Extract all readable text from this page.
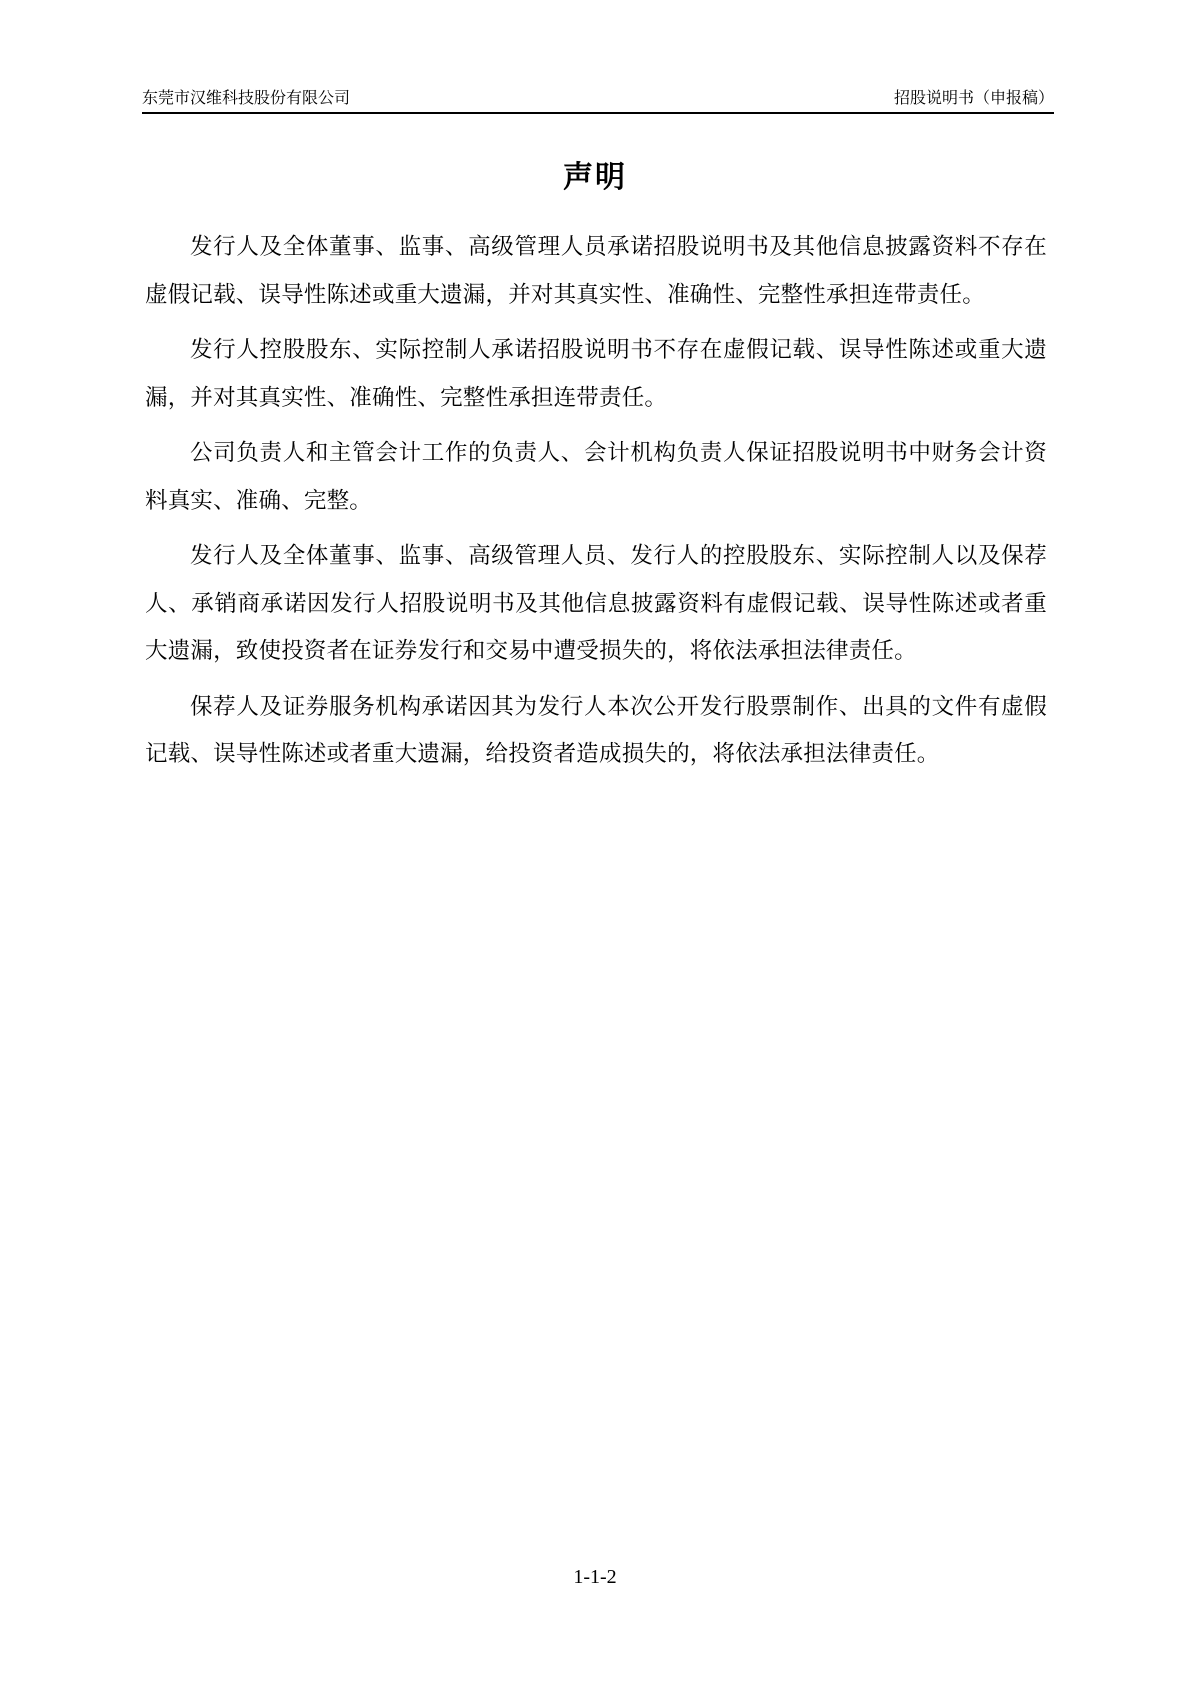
东莞市汉维科技股份有限公司	招股说明书（申报稿）
声明

发行人及全体董事、监事、高级管理人员承诺招股说明书及其他信息披露资料不存在虚假记载、误导性陈述或重大遗漏，并对其真实性、准确性、完整性承担连带责任。

发行人控股股东、实际控制人承诺招股说明书不存在虚假记载、误导性陈述或重大遗漏，并对其真实性、准确性、完整性承担连带责任。

公司负责人和主管会计工作的负责人、会计机构负责人保证招股说明书中财务会计资料真实、准确、完整。

发行人及全体董事、监事、高级管理人员、发行人的控股股东、实际控制人以及保荐人、承销商承诺因发行人招股说明书及其他信息披露资料有虚假记载、误导性陈述或者重大遗漏，致使投资者在证券发行和交易中遭受损失的，将依法承担法律责任。

保荐人及证券服务机构承诺因其为发行人本次公开发行股票制作、出具的文件有虚假记载、误导性陈述或者重大遗漏，给投资者造成损失的，将依法承担法律责任。

1-1-2
